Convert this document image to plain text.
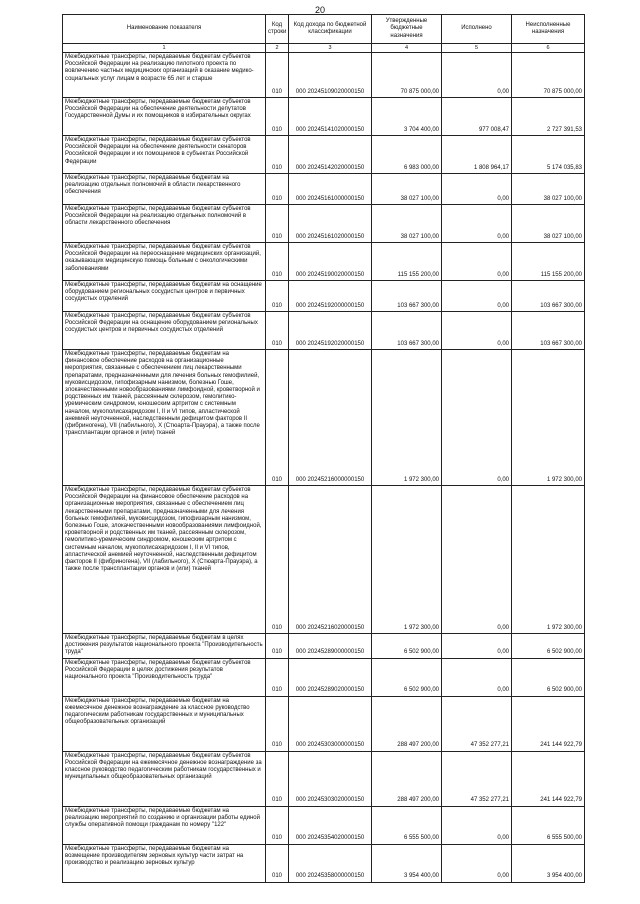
20
Наименование показателя	Код строки	Код дохода по бюджетной классификации	Утвержденные бюджетные назначения	Исполнено	Неисполненные назначения
1	2	3	4	5	6
Межбюджетные трансферты, передаваемые бюджетам субъектов Российской Федерации на реализацию пилотного проекта по вовлечению частных медицинских организаций в оказание медико-социальных услуг лицам в возрасте 65 лет и старше	010	000 20245109020000150	70 875 000,00	0,00	70 875 000,00
Межбюджетные трансферты, передаваемые бюджетам субъектов Российской Федерации на обеспечение деятельности депутатов Государственной Думы и их помощников в избирательных округах	010	000 20245141020000150	3 704 400,00	977 008,47	2 727 391,53
Межбюджетные трансферты, передаваемые бюджетам субъектов Российской Федерации на обеспечение деятельности сенаторов Российской Федерации и их помощников в субъектах Российской Федерации	010	000 20245142020000150	6 983 000,00	1 808 964,17	5 174 035,83
Межбюджетные трансферты, передаваемые бюджетам на реализацию отдельных полномочий в области лекарственного обеспечения	010	000 20245161000000150	38 027 100,00	0,00	38 027 100,00
Межбюджетные трансферты, передаваемые бюджетам субъектов Российской Федерации на реализацию отдельных полномочий в области лекарственного обеспечения	010	000 20245161020000150	38 027 100,00	0,00	38 027 100,00
Межбюджетные трансферты, передаваемые бюджетам субъектов Российской Федерации на переоснащение медицинских организаций, оказывающих медицинскую помощь больным с онкологическими заболеваниями	010	000 20245190020000150	115 155 200,00	0,00	115 155 200,00
Межбюджетные трансферты, передаваемые бюджетам на оснащение оборудованием региональных сосудистых центров и первичных сосудистых отделений	010	000 20245192000000150	103 667 300,00	0,00	103 667 300,00
Межбюджетные трансферты, передаваемые бюджетам субъектов Российской Федерации на оснащение оборудованием региональных сосудистых центров и первичных сосудистых отделений	010	000 20245192020000150	103 667 300,00	0,00	103 667 300,00
Межбюджетные трансферты, передаваемые бюджетам на финансовое обеспечение расходов на организационные мероприятия, связанные с обеспечением лиц лекарственными препаратами, предназначенными для лечения больных гемофилией, муковисцидозом, гипофизарным нанизмом, болезнью Гоше, злокачественными новообразованиями лимфоидной, кроветворной и родственных им тканей, рассеянным склерозом, гемолитико-уремическим синдромом, юношеским артритом с системным началом, мукополисахаридозом I, II и VI типов, апластической анемией неуточненной, наследственным дефицитом факторов II (фибриногена), VII (лабильного), X (Стюарта-Прауэра), а также после трансплантации органов и (или) тканей	010	000 20245216000000150	1 972 300,00	0,00	1 972 300,00
Межбюджетные трансферты, передаваемые бюджетам субъектов Российской Федерации на финансовое обеспечение расходов на организационные мероприятия, связанные с обеспечением лиц лекарственными препаратами, предназначенными для лечения больных гемофилией, муковисцидозом, гипофизарным нанизмом, болезнью Гоше, злокачественными новообразованиями лимфоидной, кроветворной и родственных им тканей, рассеянным склерозом, гемолитико-уремическим синдромом, юношеским артритом с системным началом, мукополисахаридозом I, II и VI типов, апластической анемией неуточненной, наследственным дефицитом факторов II (фибриногена), VII (лабильного), X (Стюарта-Прауэра), а также после трансплантации органов и (или) тканей	010	000 20245216020000150	1 972 300,00	0,00	1 972 300,00
Межбюджетные трансферты, передаваемые бюджетам в целях достижения результатов национального проекта "Производительность труда"	010	000 20245289000000150	6 502 900,00	0,00	6 502 900,00
Межбюджетные трансферты, передаваемые бюджетам субъектов Российской Федерации в целях достижения результатов национального проекта "Производительность труда"	010	000 20245289020000150	6 502 900,00	0,00	6 502 900,00
Межбюджетные трансферты, передаваемые бюджетам на ежемесячное денежное вознаграждение за классное руководство педагогическим работникам государственных и муниципальных общеобразовательных организаций	010	000 20245303000000150	288 497 200,00	47 352 277,21	241 144 922,79
Межбюджетные трансферты, передаваемые бюджетам субъектов Российской Федерации на ежемесячное денежное вознаграждение за классное руководство педагогическим работникам государственных и муниципальных общеобразовательных организаций	010	000 20245303020000150	288 497 200,00	47 352 277,21	241 144 922,79
Межбюджетные трансферты, передаваемые бюджетам на реализацию мероприятий по созданию и организации работы единой службы оперативной помощи гражданам по номеру "122"	010	000 20245354020000150	6 555 500,00	0,00	6 555 500,00
Межбюджетные трансферты, передаваемые бюджетам на возмещение производителям зерновых культур части затрат на производство и реализацию зерновых культур	010	000 20245358000000150	3 954 400,00	0,00	3 954 400,00
